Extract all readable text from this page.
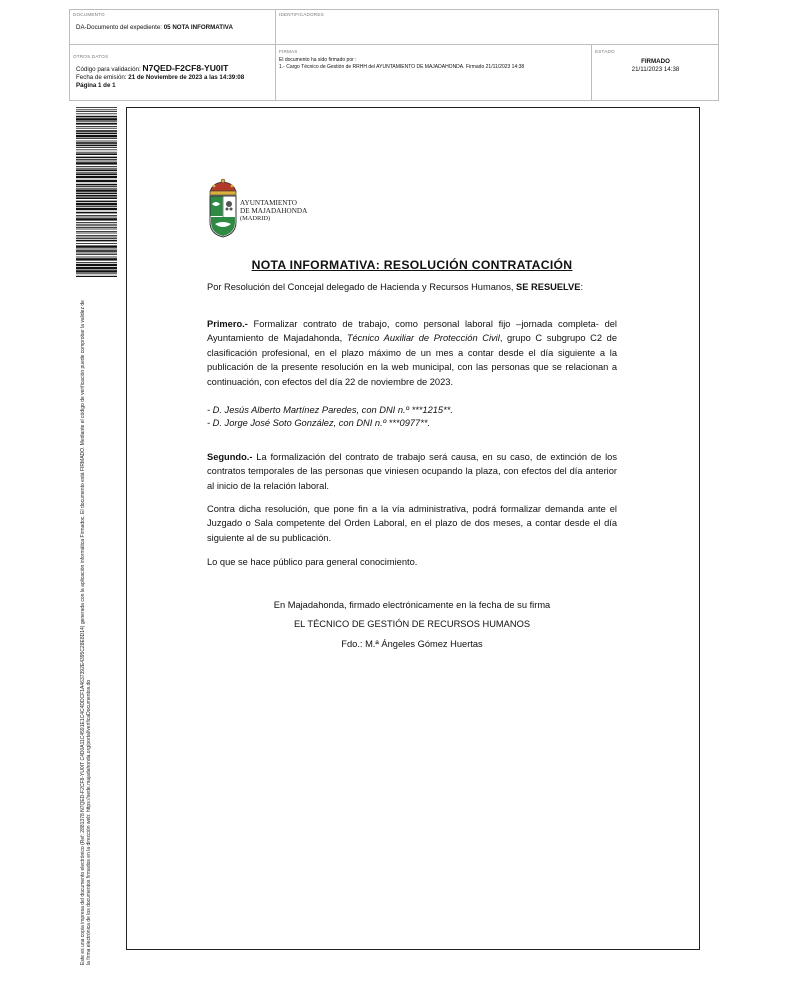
DOCUMENTO
DA-Documento del expediente: 05 NOTA INFORMATIVA
IDENTIFICADORES
OTROS DATOS
Código para validación: N7QED-F2CF8-YU0IT
Fecha de emisión: 21 de Noviembre de 2023 a las 14:39:08
Página 1 de 1
FIRMAS
El documento ha sido firmado por :
1.- Cargo Técnico de Gestión de RRHH del AYUNTAMIENTO DE MAJADAHONDA. Firmado 21/11/2023 14:38
ESTADO
FIRMADO
21/11/2023 14:38
Este es una copia impresa del documento electrónico (Ref: 2881378 N7QED-F2CF8-YU0IT C4D0A11C4591E1C4C4DDCF1A4637392E4395C28E8D14) generada con la aplicación informática Firmadoc. El documento está FIRMADO. Mediante el código de verificación puede comprobar la validez de la firma electrónica de los documentos firmados en la dirección web: https://sede.majadahonda.org/portal/verificaDocumentos.do
AYUNTAMIENTO
DE MAJADAHONDA
(MADRID)
NOTA INFORMATIVA: RESOLUCIÓN CONTRATACIÓN
Por Resolución del Concejal delegado de Hacienda y Recursos Humanos, SE RESUELVE:
Primero.- Formalizar contrato de trabajo, como personal laboral fijo –jornada completa- del Ayuntamiento de Majadahonda, Técnico Auxiliar de Protección Civil, grupo C subgrupo C2 de clasificación profesional, en el plazo máximo de un mes a contar desde el día siguiente a la publicación de la presente resolución en la web municipal, con las personas que se relacionan a continuación, con efectos del día 22 de noviembre de 2023.
- D. Jesús Alberto Martínez Paredes, con DNI n.º ***1215**.
- D. Jorge José Soto González, con DNI n.º ***0977**.
Segundo.- La formalización del contrato de trabajo será causa, en su caso, de extinción de los contratos temporales de las personas que viniesen ocupando la plaza, con efectos del día anterior al inicio de la relación laboral.
Contra dicha resolución, que pone fin a la vía administrativa, podrá formalizar demanda ante el Juzgado o Sala competente del Orden Laboral, en el plazo de dos meses, a contar desde el día siguiente al de su publicación.
Lo que se hace público para general conocimiento.
En Majadahonda, firmado electrónicamente en la fecha de su firma
EL TÉCNICO DE GESTIÓN DE RECURSOS HUMANOS
Fdo.: M.ª Ángeles Gómez Huertas
